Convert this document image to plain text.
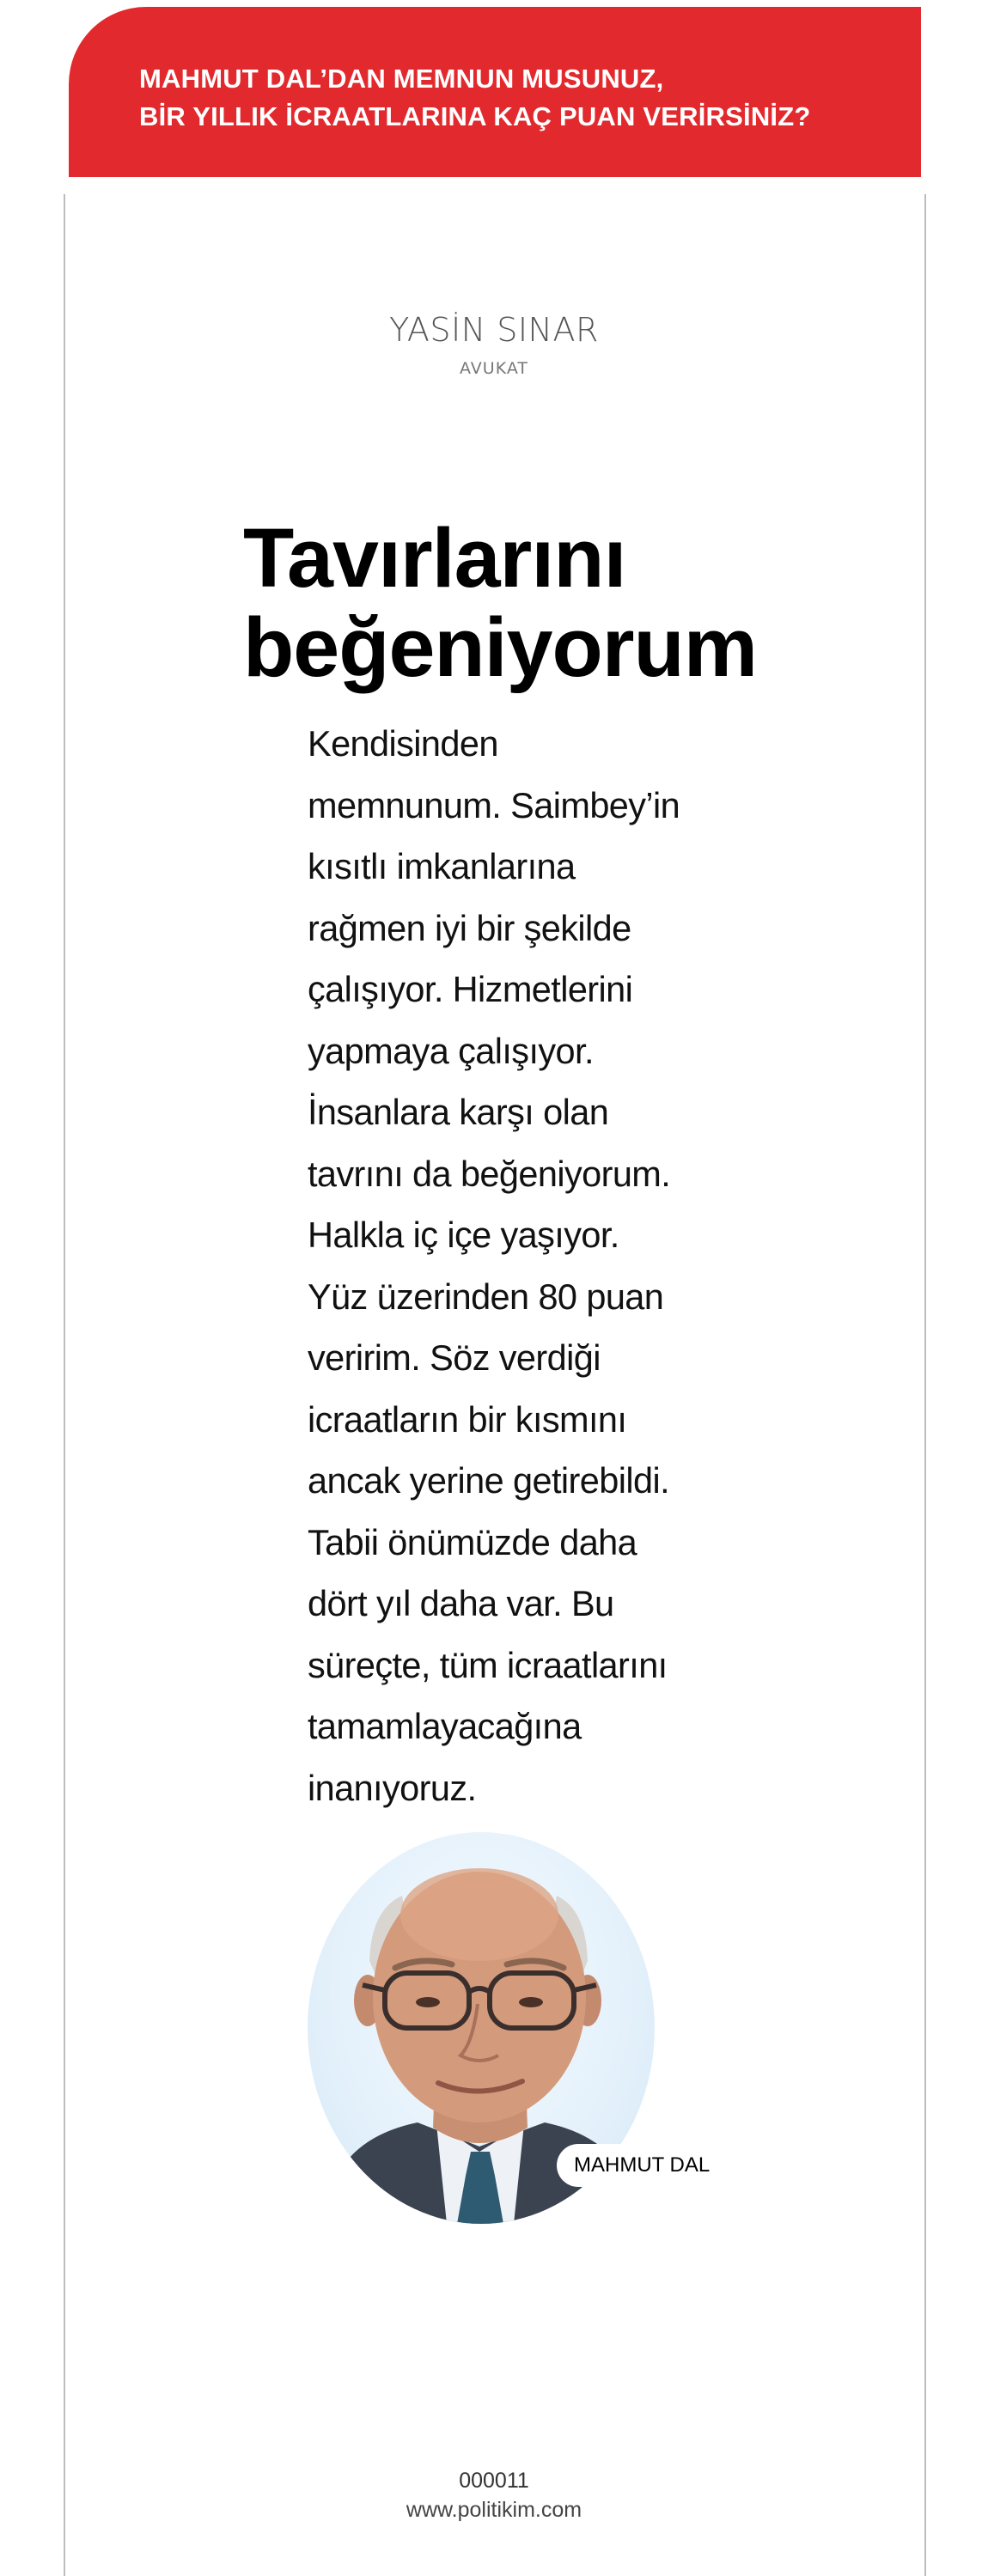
MAHMUT DAL’DAN MEMNUN MUSUNUZ,
BİR YILLIK İCRAATLARINA KAÇ PUAN VERİRSİNİZ?
YASİN SINAR
AVUKAT
Tavırlarını
beğeniyorum

Kendisinden
memnunum. Saimbey’in
kısıtlı imkanlarına
rağmen iyi bir şekilde
çalışıyor. Hizmetlerini
yapmaya çalışıyor.
İnsanlara karşı olan
tavrını da beğeniyorum.
Halkla iç içe yaşıyor.
Yüz üzerinden 80 puan
veririm. Söz verdiği
icraatların bir kısmını
ancak yerine getirebildi.
Tabii önümüzde daha
dört yıl daha var. Bu
süreçte, tüm icraatlarını
tamamlayacağına
inanıyoruz.

MAHMUT DAL
000011
www.politikim.com
